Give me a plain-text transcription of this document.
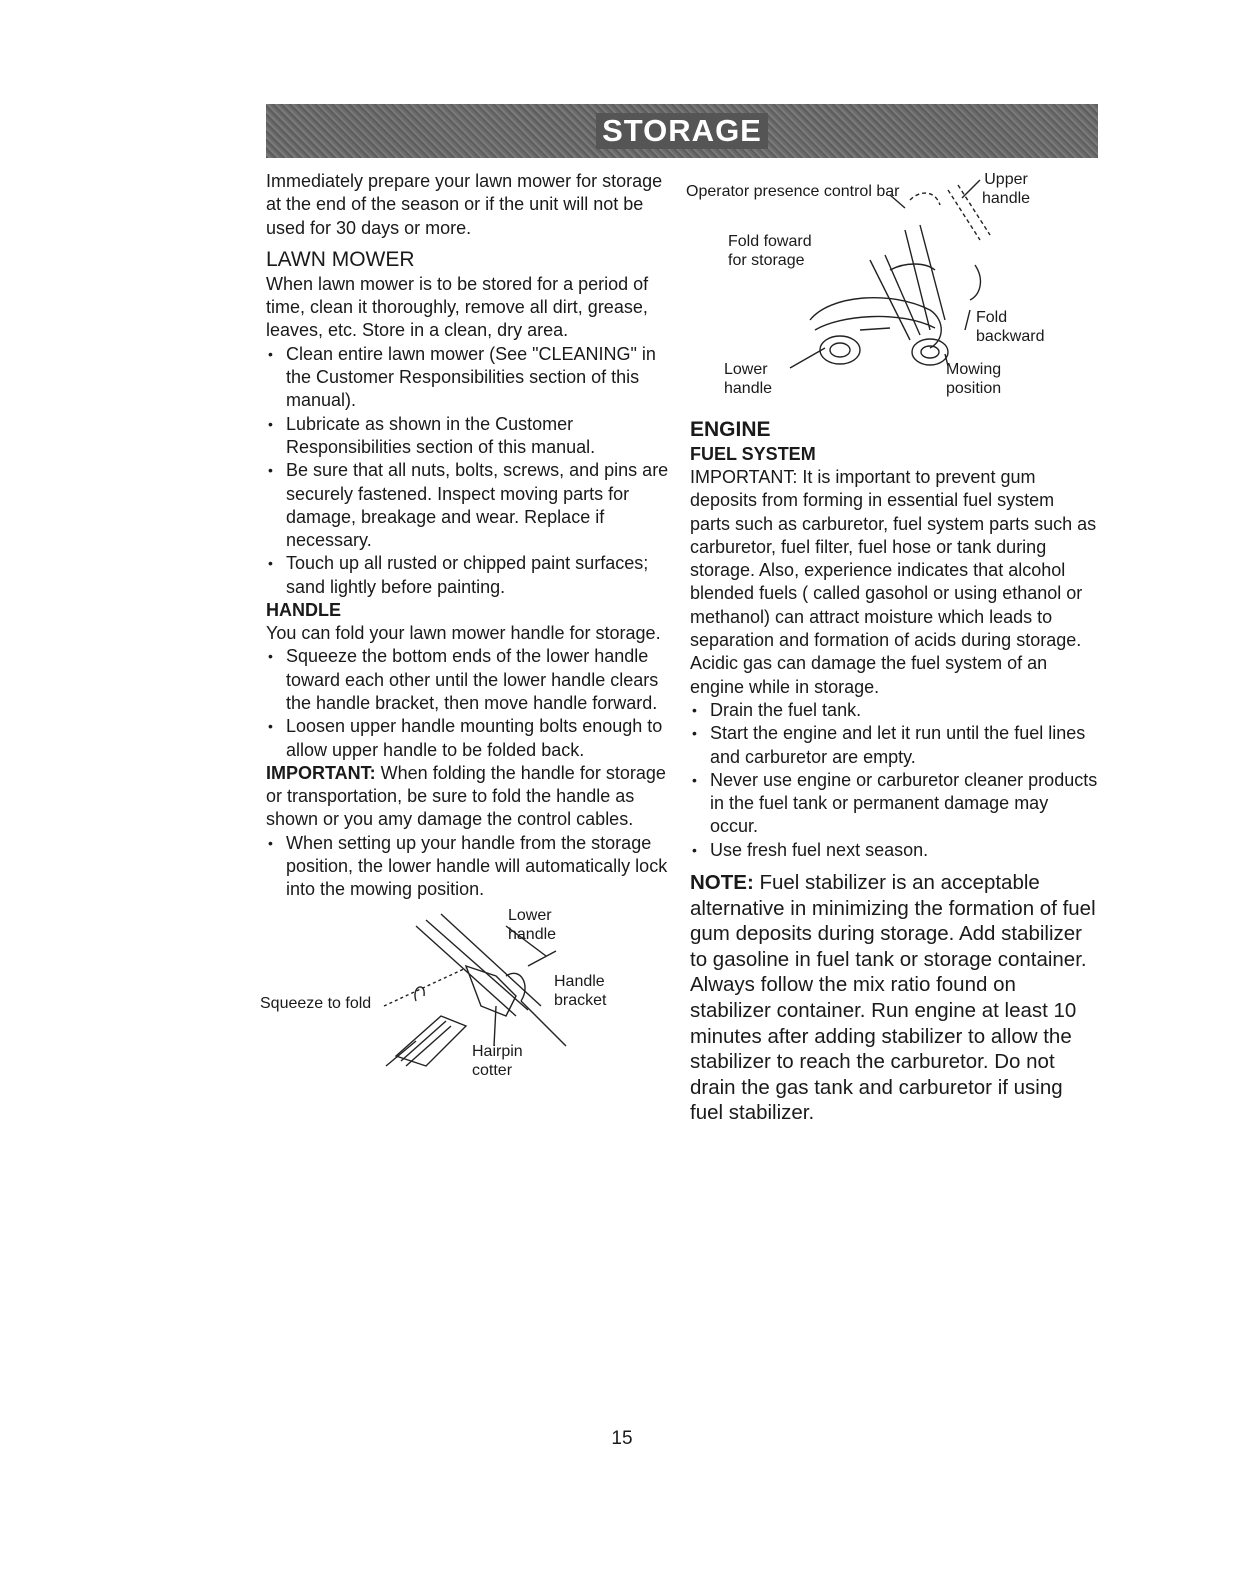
STORAGE

Immediately prepare your lawn mower for storage at the end of the season or if the unit will not be used for 30 days or more.

LAWN MOWER

When lawn mower is to be stored for a period of time, clean it thoroughly, remove all dirt, grease, leaves, etc. Store in a clean, dry area.

• Clean entire lawn mower (See "CLEANING" in the Customer Responsibilities section of this manual).
• Lubricate as shown in the Customer Responsibilities section of this manual.
• Be sure that all nuts, bolts, screws, and pins are securely fastened. Inspect moving parts for damage, breakage and wear. Replace if necessary.
• Touch up all rusted or chipped paint surfaces; sand lightly before painting.
HANDLE

You can fold your lawn mower handle for storage.

• Squeeze the bottom ends of the lower handle toward each other until the lower handle clears the handle bracket, then move handle forward.
• Loosen upper handle mounting bolts enough to allow upper handle to be folded back.

IMPORTANT: When folding the handle for storage or transportation, be sure to fold the handle as shown or you amy damage the control cables.

• When setting up your handle from the storage position, the lower handle will automatically lock into the mowing position.
Lower
handle
Handle
bracket
Squeeze to fold
Hairpin
cotter
Operator presence control bar
Upper
handle
Fold foward
for storage
Fold
backward
Lower
handle
Mowing
position
ENGINE
FUEL SYSTEM

IMPORTANT: It is important to prevent gum deposits from forming in essential fuel system parts such as carburetor, fuel system parts such as carburetor, fuel filter, fuel hose or tank during storage. Also, experience indicates that alcohol blended fuels ( called gasohol or using ethanol or methanol) can attract moisture which leads to separation and formation of acids during storage. Acidic gas can damage the fuel system of an engine while in storage.

• Drain the fuel tank.
• Start the engine and let it run until the fuel lines and carburetor are empty.
• Never use engine or carburetor cleaner products in the fuel tank or permanent damage may occur.
• Use fresh fuel next season.

NOTE: Fuel stabilizer is an acceptable alternative in minimizing the formation of fuel gum deposits during storage. Add stabilizer to gasoline in fuel tank or storage container. Always follow the mix ratio found on stabilizer container. Run engine at least 10 minutes after adding stabilizer to allow the stabilizer to reach the carburetor. Do not drain the gas tank and carburetor if using fuel stabilizer.

15
